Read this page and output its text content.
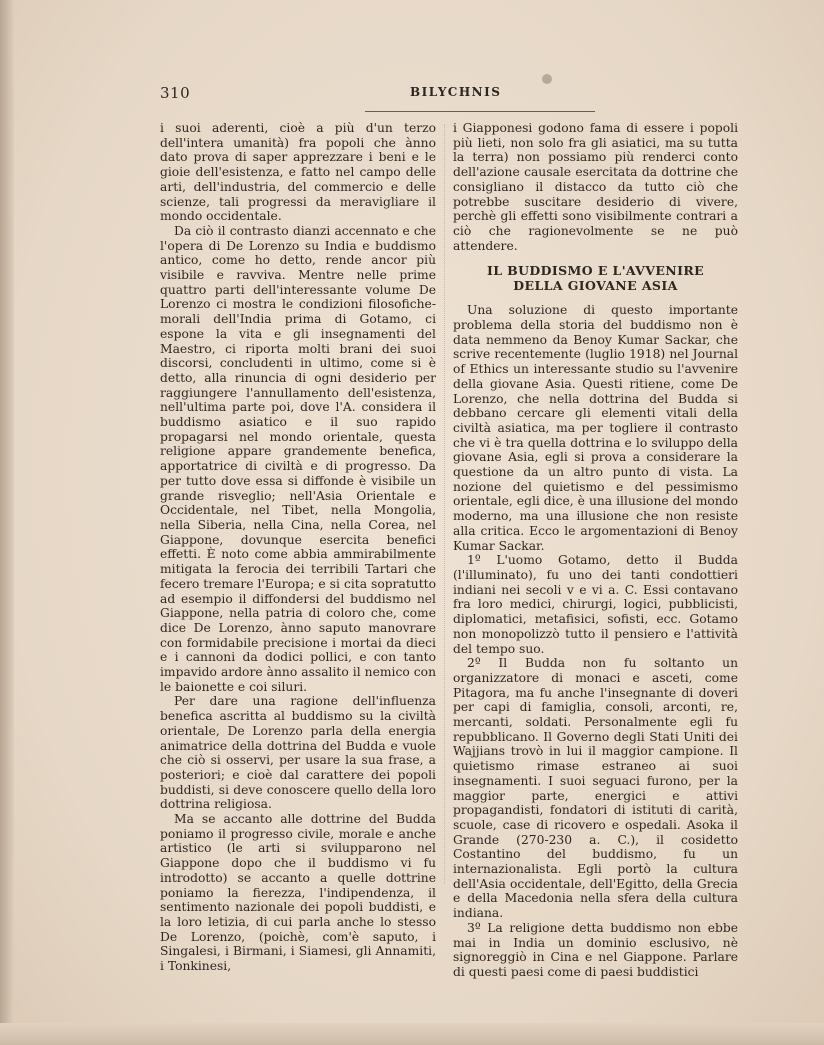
310	BILYCHNIS

i suoi aderenti, cioè a più d'un terzo dell'intera umanità) fra popoli che ànno dato prova di saper apprezzare i beni e le gioie dell'esistenza, e fatto nel campo delle arti, dell'industria, del commercio e delle scienze, tali progressi da meravigliare il mondo occidentale.

Da ciò il contrasto dianzi accennato e che l'opera di De Lorenzo su India e buddismo antico, come ho detto, rende ancor più visibile e ravviva. Mentre nelle prime quattro parti dell'interessante volume De Lorenzo ci mostra le condizioni filosofiche-morali dell'India prima di Gotamo, ci espone la vita e gli insegnamenti del Maestro, ci riporta molti brani dei suoi discorsi, concludenti in ultimo, come si è detto, alla rinuncia di ogni desiderio per raggiungere l'annullamento dell'esistenza, nell'ultima parte poi, dove l'A. considera il buddismo asiatico e il suo rapido propagarsi nel mondo orientale, questa religione appare grandemente benefica, apportatrice di civiltà e di progresso. Da per tutto dove essa si diffonde è visibile un grande risveglio; nell'Asia Orientale e Occidentale, nel Tibet, nella Mongolia, nella Siberia, nella Cina, nella Corea, nel Giappone, dovunque esercita benefici effetti. È noto come abbia ammirabilmente mitigata la ferocia dei terribili Tartari che fecero tremare l'Europa; e si cita sopratutto ad esempio il diffondersi del buddismo nel Giappone, nella patria di coloro che, come dice De Lorenzo, ànno saputo manovrare con formidabile precisione i mortai da dieci e i cannoni da dodici pollici, e con tanto impavido ardore ànno assalito il nemico con le baionette e coi siluri.

Per dare una ragione dell'influenza benefica ascritta al buddismo su la civiltà orientale, De Lorenzo parla della energia animatrice della dottrina del Budda e vuole che ciò si osservi, per usare la sua frase, a posteriori; e cioè dal carattere dei popoli buddisti, si deve conoscere quello della loro dottrina religiosa.

Ma se accanto alle dottrine del Budda poniamo il progresso civile, morale e anche artistico (le arti si svilupparono nel Giappone dopo che il buddismo vi fu introdotto) se accanto a quelle dottrine poniamo la fierezza, l'indipendenza, il sentimento nazionale dei popoli buddisti, e la loro letizia, di cui parla anche lo stesso De Lorenzo, (poichè, com'è saputo, i Singalesi, i Birmani, i Siamesi, gli Annamiti, i Tonkinesi,

i Giapponesi godono fama di essere i popoli più lieti, non solo fra gli asiatici, ma su tutta la terra) non possiamo più renderci conto dell'azione causale esercitata da dottrine che consigliano il distacco da tutto ciò che potrebbe suscitare desiderio di vivere, perchè gli effetti sono visibilmente contrari a ciò che ragionevolmente se ne può attendere.

IL BUDDISMO E L'AVVENIRE
DELLA GIOVANE ASIA

Una soluzione di questo importante problema della storia del buddismo non è data nemmeno da Benoy Kumar Sackar, che scrive recentemente (luglio 1918) nel Journal of Ethics un interessante studio su l'avvenire della giovane Asia. Questi ritiene, come De Lorenzo, che nella dottrina del Budda si debbano cercare gli elementi vitali della civiltà asiatica, ma per togliere il contrasto che vi è tra quella dottrina e lo sviluppo della giovane Asia, egli si prova a considerare la questione da un altro punto di vista. La nozione del quietismo e del pessimismo orientale, egli dice, è una illusione del mondo moderno, ma una illusione che non resiste alla critica. Ecco le argomentazioni di Benoy Kumar Sackar.

1º L'uomo Gotamo, detto il Budda (l'illuminato), fu uno dei tanti condottieri indiani nei secoli v e vi a. C. Essi contavano fra loro medici, chirurgi, logici, pubblicisti, diplomatici, metafisici, sofisti, ecc. Gotamo non monopolizzò tutto il pensiero e l'attività del tempo suo.

2º Il Budda non fu soltanto un organizzatore di monaci e asceti, come Pitagora, ma fu anche l'insegnante di doveri per capi di famiglia, consoli, arconti, re, mercanti, soldati. Personalmente egli fu repubblicano. Il Governo degli Stati Uniti dei Wajjians trovò in lui il maggior campione. Il quietismo rimase estraneo ai suoi insegnamenti. I suoi seguaci furono, per la maggior parte, energici e attivi propagandisti, fondatori di istituti di carità, scuole, case di ricovero e ospedali. Asoka il Grande (270-230 a. C.), il cosidetto Costantino del buddismo, fu un internazionalista. Egli portò la cultura dell'Asia occidentale, dell'Egitto, della Grecia e della Macedonia nella sfera della cultura indiana.

3º La religione detta buddismo non ebbe mai in India un dominio esclusivo, nè signoreggiò in Cina e nel Giappone. Parlare di questi paesi come di paesi buddistici
